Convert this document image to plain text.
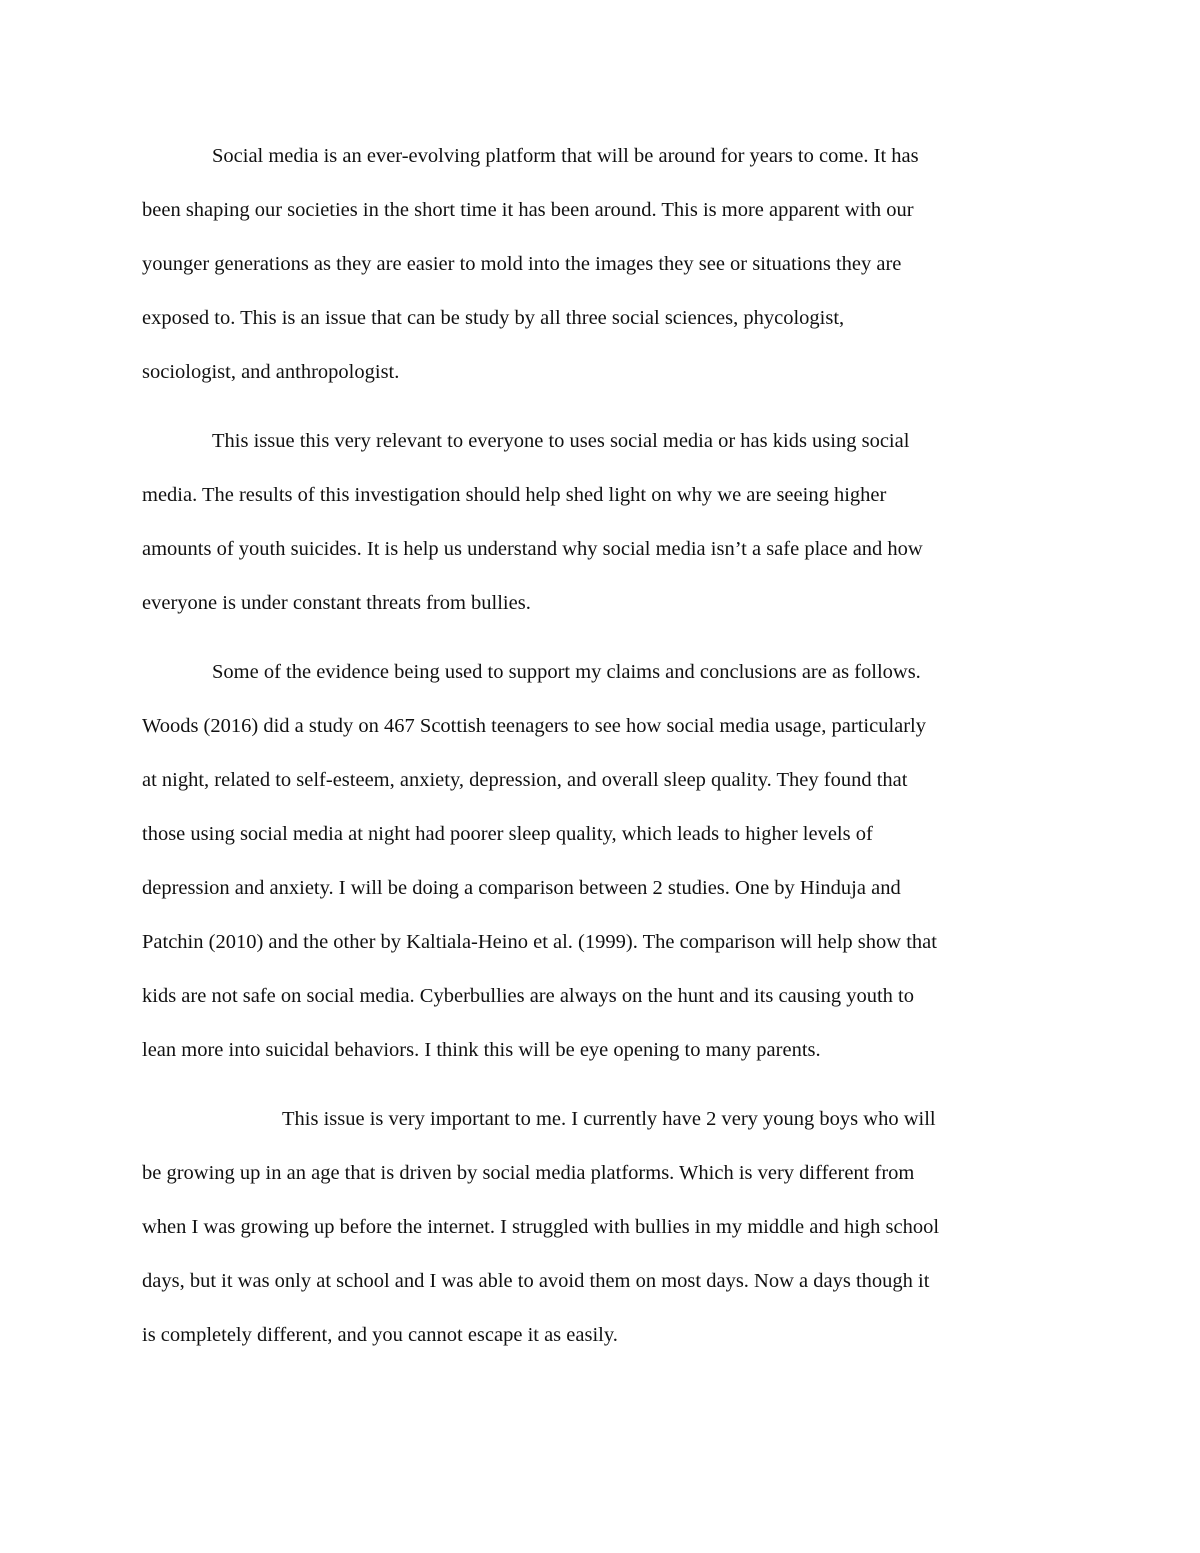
Social media is an ever-evolving platform that will be around for years to come. It has
been shaping our societies in the short time it has been around. This is more apparent with our
younger generations as they are easier to mold into the images they see or situations they are
exposed to. This is an issue that can be study by all three social sciences, phycologist,
sociologist, and anthropologist.

This issue this very relevant to everyone to uses social media or has kids using social
media. The results of this investigation should help shed light on why we are seeing higher
amounts of youth suicides. It is help us understand why social media isn’t a safe place and how
everyone is under constant threats from bullies.

Some of the evidence being used to support my claims and conclusions are as follows.
Woods (2016) did a study on 467 Scottish teenagers to see how social media usage, particularly
at night, related to self-esteem, anxiety, depression, and overall sleep quality. They found that
those using social media at night had poorer sleep quality, which leads to higher levels of
depression and anxiety. I will be doing a comparison between 2 studies. One by Hinduja and
Patchin (2010) and the other by Kaltiala-Heino et al. (1999). The comparison will help show that
kids are not safe on social media. Cyberbullies are always on the hunt and its causing youth to
lean more into suicidal behaviors. I think this will be eye opening to many parents.

This issue is very important to me. I currently have 2 very young boys who will
be growing up in an age that is driven by social media platforms. Which is very different from
when I was growing up before the internet. I struggled with bullies in my middle and high school
days, but it was only at school and I was able to avoid them on most days. Now a days though it
is completely different, and you cannot escape it as easily.
